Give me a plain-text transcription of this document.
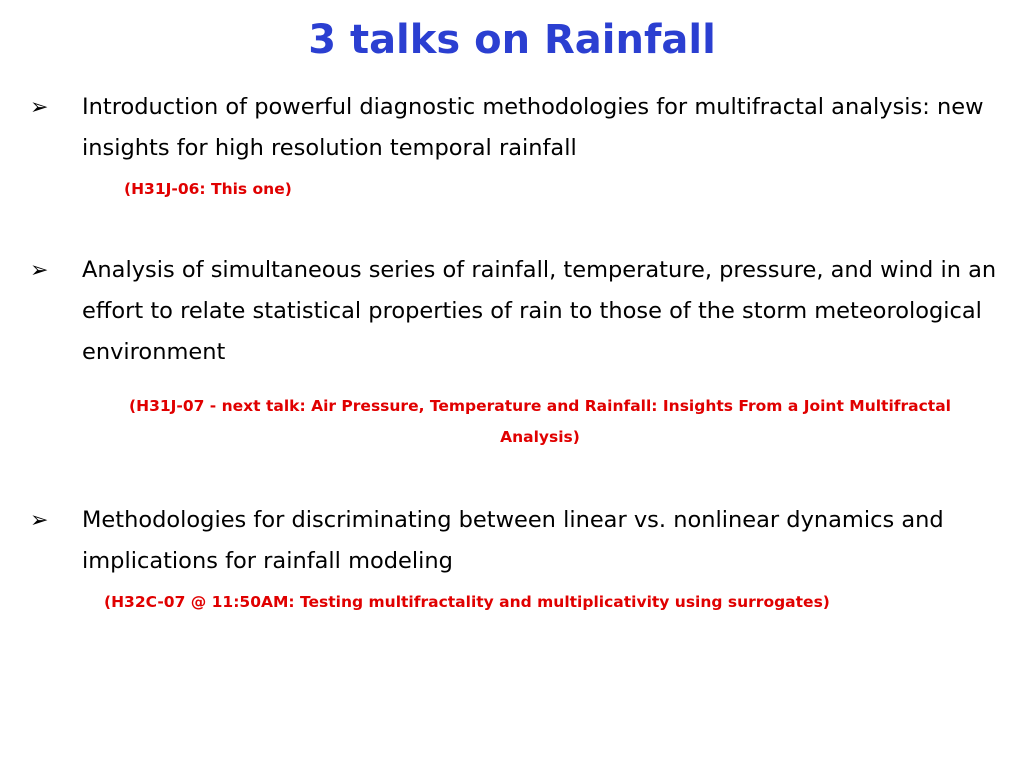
3 talks on Rainfall
➢	Introduction of powerful diagnostic methodologies for multifractal analysis: new insights for high resolution temporal rainfall
(H31J-06: This one)
➢	Analysis of simultaneous series of rainfall, temperature, pressure, and wind in an effort to relate statistical properties of rain to those of the storm meteorological environment
(H31J-07 - next talk: Air Pressure, Temperature and Rainfall: Insights From a Joint Multifractal Analysis)
➢	Methodologies for discriminating between linear vs. nonlinear dynamics and implications for rainfall modeling
(H32C-07 @ 11:50AM: Testing multifractality and multiplicativity using surrogates)
